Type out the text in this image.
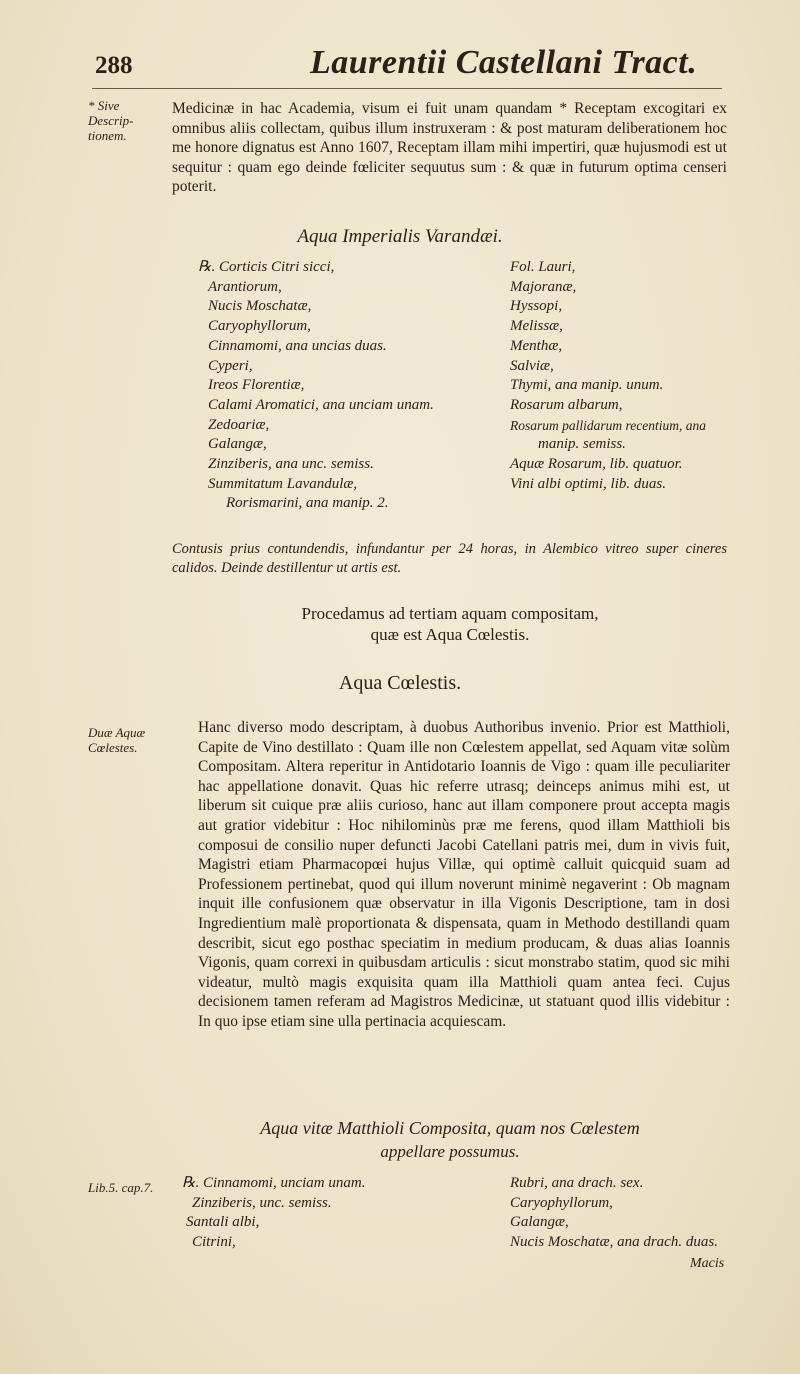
288	Laurentii Castellani Tract.
* Sive Descrip-tionem.

Medicinæ in hac Academia, visum ei fuit unam quandam * Receptam excogitari ex omnibus aliis collectam, quibus illum instruxeram : & post maturam deliberationem hoc me honore dignatus est Anno 1607, Receptam illam mihi impertiri, quæ hujusmodi est ut sequitur : quam ego deinde fœliciter sequutus sum : & quæ in futurum optima censeri poterit.

Aqua Imperialis Varandæi.
℞. Corticis Citri sicci,
Arantiorum,
Nucis Moschatæ,
Caryophyllorum,
Cinnamomi, ana uncias duas.
Cyperi,
Ireos Florentiæ,
Calami Aromatici, ana unciam unam.
Zedoariæ,
Galangæ,
Zinziberis, ana unc. semiss.
Summitatum Lavandulæ,
Rorismarini, ana manip. 2.
Fol. Lauri,
Majoranæ,
Hyssopi,
Melissæ,
Menthæ,
Salviæ,
Thymi, ana manip. unum.
Rosarum albarum,
Rosarum pallidarum recentium, ana
manip. semiss.
Aquæ Rosarum, lib. quatuor.
Vini albi optimi, lib. duas.

Contusis prius contundendis, infundantur per 24 horas, in Alembico vitreo super cineres calidos. Deinde destillentur ut artis est.

Procedamus ad tertiam aquam compositam,
quæ est Aqua Cœlestis.
Aqua Cœlestis.
Duæ Aquæ Cœlestes.

Hanc diverso modo descriptam, à duobus Authoribus invenio. Prior est Matthioli, Capite de Vino destillato : Quam ille non Cœlestem appellat, sed Aquam vitæ solùm Compositam. Altera reperitur in Antidotario Ioannis de Vigo : quam ille peculiariter hac appellatione donavit. Quas hic referre utrasq; deinceps animus mihi est, ut liberum sit cuique præ aliis curioso, hanc aut illam componere prout accepta magis aut gratior videbitur : Hoc nihilominùs præ me ferens, quod illam Matthioli bis composui de consilio nuper defuncti Jacobi Catellani patris mei, dum in vivis fuit, Magistri etiam Pharmacopœi hujus Villæ, qui optimè calluit quicquid suam ad Professionem pertinebat, quod qui illum noverunt minimè negaverint : Ob magnam inquit ille confusionem quæ observatur in illa Vigonis Descriptione, tam in dosi Ingredientium malè proportionata & dispensata, quam in Methodo destillandi quam describit, sicut ego posthac speciatim in medium producam, & duas alias Ioannis Vigonis, quam correxi in quibusdam articulis : sicut monstrabo statim, quod sic mihi videatur, multò magis exquisita quam illa Matthioli quam antea feci. Cujus decisionem tamen referam ad Magistros Medicinæ, ut statuant quod illis videbitur : In quo ipse etiam sine ulla pertinacia acquiescam.

Aqua vitæ Matthioli Composita, quam nos Cœlestem
appellare possumus.
Lib.5. cap.7.	℞. Cinnamomi, unciam unam.
Zinziberis, unc. semiss.
Santali albi,
Citrini,
Rubri, ana drach. sex.
Caryophyllorum,
Galangæ,
Nucis Moschatæ, ana drach. duas.
Macis
